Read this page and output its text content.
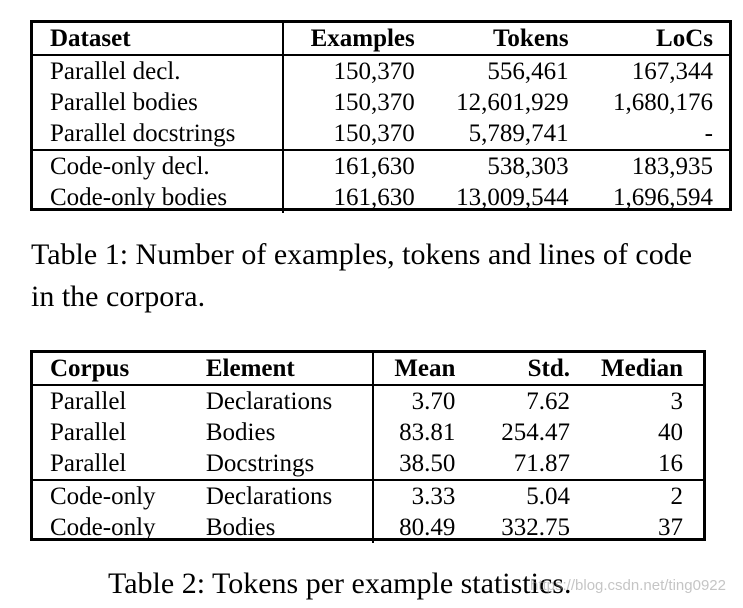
Dataset	Examples	Tokens	LoCs
Parallel decl.	150,370	556,461	167,344
Parallel bodies	150,370	12,601,929	1,680,176
Parallel docstrings	150,370	5,789,741	-
Code-only decl.	161,630	538,303	183,935
Code-only bodies	161,630	13,009,544	1,696,594
Table 1: Number of examples, tokens and lines of code in the corpora.
Corpus	Element	Mean	Std.	Median
Parallel	Declarations	3.70	7.62	3
Parallel	Bodies	83.81	254.47	40
Parallel	Docstrings	38.50	71.87	16
Code-only	Declarations	3.33	5.04	2
Code-only	Bodies	80.49	332.75	37
Table 2: Tokens per example statistics.
https://blog.csdn.net/ting0922
